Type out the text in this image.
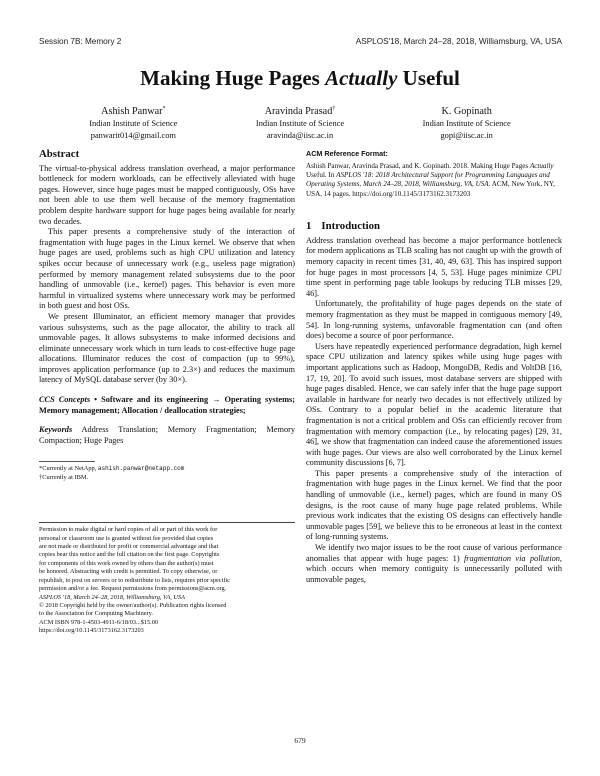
Session 7B: Memory 2	ASPLOS'18, March 24–28, 2018, Williamsburg, VA, USA
Making Huge Pages Actually Useful
Ashish Panwar*
Indian Institute of Science
panwarit014@gmail.com
Aravinda Prasad†
Indian Institute of Science
aravinda@iisc.ac.in
K. Gopinath
Indian Institute of Science
gopi@iisc.ac.in
Abstract

The virtual-to-physical address translation overhead, a major performance bottleneck for modern workloads, can be effectively alleviated with huge pages. However, since huge pages must be mapped contiguously, OSs have not been able to use them well because of the memory fragmentation problem despite hardware support for huge pages being available for nearly two decades.

This paper presents a comprehensive study of the interaction of fragmentation with huge pages in the Linux kernel. We observe that when huge pages are used, problems such as high CPU utilization and latency spikes occur because of unnecessary work (e.g., useless page migration) performed by memory management related subsystems due to the poor handling of unmovable (i.e., kernel) pages. This behavior is even more harmful in virtualized systems where unnecessary work may be performed in both guest and host OSs.

We present Illuminator, an efficient memory manager that provides various subsystems, such as the page allocator, the ability to track all unmovable pages. It allows subsystems to make informed decisions and eliminate unnecessary work which in turn leads to cost-effective huge page allocations. Illuminator reduces the cost of compaction (up to 99%), improves application performance (up to 2.3×) and reduces the maximum latency of MySQL database server (by 30×).

CCS Concepts • Software and its engineering → Operating systems; Memory management; Allocation / deallocation strategies;

Keywords Address Translation; Memory Fragmentation; Memory Compaction; Huge Pages

*Currently at NetApp, ashish.panwar@netapp.com
†Currently at IBM.
Permission to make digital or hard copies of all or part of this work for
personal or classroom use is granted without fee provided that copies
are not made or distributed for profit or commercial advantage and that
copies bear this notice and the full citation on the first page. Copyrights
for components of this work owned by others than the author(s) must
be honored. Abstracting with credit is permitted. To copy otherwise, or
republish, to post on servers or to redistribute to lists, requires prior specific
permission and/or a fee. Request permissions from permissions@acm.org.
ASPLOS '18, March 24–28, 2018, Williamsburg, VA, USA
© 2018 Copyright held by the owner/author(s). Publication rights licensed
to the Association for Computing Machinery.
ACM ISBN 978-1-4503-4911-6/18/03...$15.00
https://doi.org/10.1145/3173162.3173203
ACM Reference Format:
Ashish Panwar, Aravinda Prasad, and K. Gopinath. 2018. Making Huge Pages Actually Useful. In ASPLOS '18: 2018 Architectural Support for Programming Languages and Operating Systems, March 24–28, 2018, Williamsburg, VA, USA. ACM, New York, NY, USA, 14 pages. https://doi.org/10.1145/3173162.3173203
1 Introduction

Address translation overhead has become a major performance bottleneck for modern applications as TLB scaling has not caught up with the growth of memory capacity in recent times [31, 40, 49, 63]. This has inspired support for huge pages in most processors [4, 5, 53]. Huge pages minimize CPU time spent in performing page table lookups by reducing TLB misses [29, 46].

Unfortunately, the profitability of huge pages depends on the state of memory fragmentation as they must be mapped in contiguous memory [49, 54]. In long-running systems, unfavorable fragmentation can (and often does) become a source of poor performance.

Users have repeatedly experienced performance degradation, high kernel space CPU utilization and latency spikes while using huge pages with important applications such as Hadoop, MongoDB, Redis and VoltDB [16, 17, 19, 20]. To avoid such issues, most database servers are shipped with huge pages disabled. Hence, we can safely infer that the huge page support available in hardware for nearly two decades is not effectively utilized by OSs. Contrary to a popular belief in the academic literature that fragmentation is not a critical problem and OSs can efficiently recover from fragmentation with memory compaction (i.e., by relocating pages) [29, 31, 46], we show that fragmentation can indeed cause the aforementioned issues with huge pages. Our views are also well corroborated by the Linux kernel community discussions [6, 7].

This paper presents a comprehensive study of the interaction of fragmentation with huge pages in the Linux kernel. We find that the poor handling of unmovable (i.e., kernel) pages, which are found in many OS designs, is the root cause of many huge page related problems. While previous work indicates that the existing OS designs can effectively handle unmovable pages [59], we believe this to be erroneous at least in the context of long-running systems.

We identify two major issues to be the root cause of various performance anomalies that appear with huge pages: 1) fragmentation via pollution, which occurs when memory contiguity is unnecessarily polluted with unmovable pages,

679
